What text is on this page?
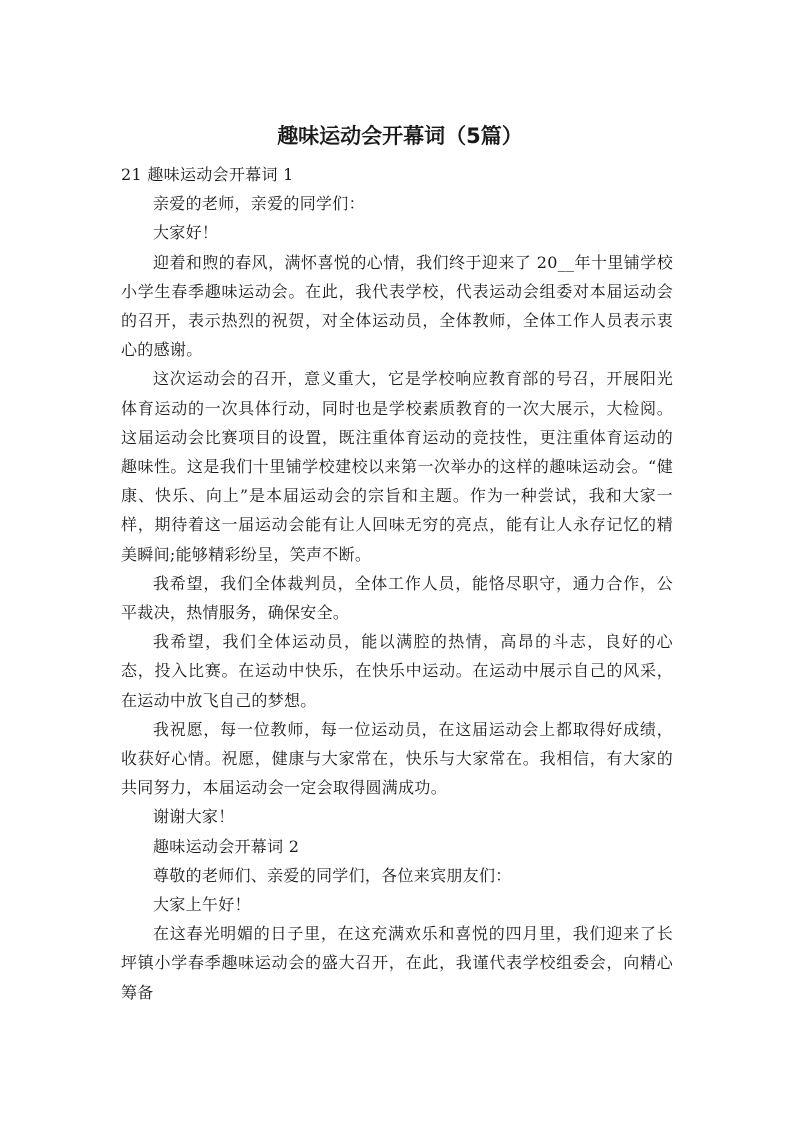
趣味运动会开幕词（5篇）

21 趣味运动会开幕词 1

亲爱的老师，亲爱的同学们：

大家好！

迎着和煦的春风，满怀喜悦的心情，我们终于迎来了 20__年十里铺学校小学生春季趣味运动会。在此，我代表学校，代表运动会组委对本届运动会的召开，表示热烈的祝贺，对全体运动员，全体教师，全体工作人员表示衷心的感谢。

这次运动会的召开，意义重大，它是学校响应教育部的号召，开展阳光体育运动的一次具体行动，同时也是学校素质教育的一次大展示，大检阅。这届运动会比赛项目的设置，既注重体育运动的竞技性，更注重体育运动的趣味性。这是我们十里铺学校建校以来第一次举办的这样的趣味运动会。“健康、快乐、向上”是本届运动会的宗旨和主题。作为一种尝试，我和大家一样，期待着这一届运动会能有让人回味无穷的亮点，能有让人永存记忆的精美瞬间;能够精彩纷呈，笑声不断。

我希望，我们全体裁判员，全体工作人员，能恪尽职守，通力合作，公平裁决，热情服务，确保安全。

我希望，我们全体运动员，能以满腔的热情，高昂的斗志，良好的心态，投入比赛。在运动中快乐，在快乐中运动。在运动中展示自己的风采，在运动中放飞自己的梦想。

我祝愿，每一位教师，每一位运动员，在这届运动会上都取得好成绩，收获好心情。祝愿，健康与大家常在，快乐与大家常在。我相信，有大家的共同努力，本届运动会一定会取得圆满成功。

谢谢大家！

趣味运动会开幕词 2

尊敬的老师们、亲爱的同学们，各位来宾朋友们：

大家上午好！

在这春光明媚的日子里，在这充满欢乐和喜悦的四月里，我们迎来了长坪镇小学春季趣味运动会的盛大召开，在此，我谨代表学校组委会，向精心筹备
